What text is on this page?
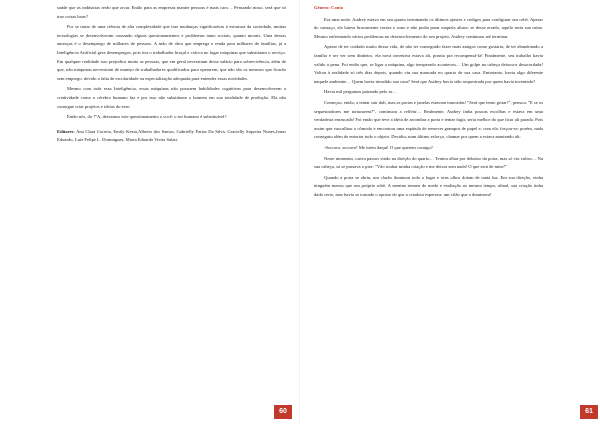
saúde que as indústrias terão que arcar. Então para as empresas manter pessoas é mais caro… Pensando nisso, será que só traz coisas boas?

Por se tratar de uma ciência de alta complexidade que traz mudanças significativas à estrutura da sociedade, muitas tecnologias se desenvolveram causando alguns questionamentos e problemas tanto sociais, quanto morais. Uma dessas ameaças é o desemprego de milhares de pessoas. A mão de obra que emprega e renda para milhares de famílias, já a Inteligência Artificial gera desempregos, pois tira o trabalhador braçal e coloca no lugar máquinas que substituam o serviço. Em qualquer realidade isso prejudica muito as pessoas, que em geral necessitam desse salário para sobrevivência, além de que, não máquinas necessitam de manejo de trabalhadores qualificados para operarem, que não são os mesmos que ficarão sem emprego, devido a falta de escolaridade ou especialização adequada para entender essas novidades.

Mesmo com toda essa Inteligência, essas máquinas não possuem habilidades cognitivas para desenvolverem a criatividade como o cérebro humano faz e por isso não substituem o homem em sua totalidade de produção. Ela não consegue criar projetos e ideias do zero.

Então nós, do 7ºA, deixamos este questionamento a você: o ser humano é substituível?

Editores: Ana Clara Correia, Emily Kezia,Alberto dos Santos, Gabrielly Farias Da Silva, Gracielly Siqueira Nunes,Jonas Eduardo, Luiz Felipe L. Domingues, Maria Eduarda Vieira Salati.

60

Gênero: Conto

Era uma noite, Audrey estava em seu quarto terminando os últimos ajustes e códigos para configurar seu robô. Apesar do cansaço, ela lutava bravamente contra o sono e não podia parar naquela altura: se desse errado, aquilo seria sua ruína. Mesmo enfrentando vários problemas no desenvolvimento do seu projeto, Audrey continuou até terminar.

Apesar de ter cuidado muito dessa vida, de não ter conseguido fazer mais amigos como gostaria, de ter abandonado a família e ser ver sem dinheiro, ela nova inventiva estava ali, pronta pra recompensá-la! Finalmente, seu trabalho havia valido a pena. Foi então que, se ligar a máquina, algo inesperado aconteceu… Um golpe na cabeça deixou-a desacordada! Voltou à realidade só três dias depois, quando viu sua mancada no quarto de sua casa. Entretanto, havia algo diferente naquele ambiente… Quem havia invadido sua casa? Será que Audrey havia sido sequestrada por quem havia inventado?

Havia mil perguntas pairando pelo ar…

Começou, então, a tentar sair dali, mas as portas e janelas estavam trancadas! "Será que tento gritar?", pensou. "E se os sequestradores me torturarem?", continuou a refletir… Realmente, Audrey tinha poucas escolhas e estava em uma verdadeira enrascada! Foi então que teve a ideia de arrombar a porta e tentar fugir, seria melhor do que ficar ali parada. Pois assim que vasculhou o cômodo e encontrou uma espátula de remover grampos de papel e, com ela, forçou-se; porém, nada conseguiu além de entortar todo o objeto. Decidiu, num último esforço, chamar por quem a estava mantendo ali:

-Socorro, socorro! Me tirem daqui! O que querem comigo?

Neste momento, ouviu passos vindo na direção do quarto… Tentou olhar por debaixo da porta, mas só viu vultos… Na sua cabeça, só se passava o pior: "Vão roubar minha criação e me deixar sem nada! O que será de mim?"

Quando a porta se abriu, um clarão iluminou todo o lugar e seus olhos doíam de tanta luz. Em sua direção, vinha ninguém menos que seu próprio robô. A menina tremeu de medo e exaltação ao mesmo tempo, afinal, sua criação tinha dado certo, mas havia se tornado o oposto do que a criadora esperava: um vilão que a dominava!

61
